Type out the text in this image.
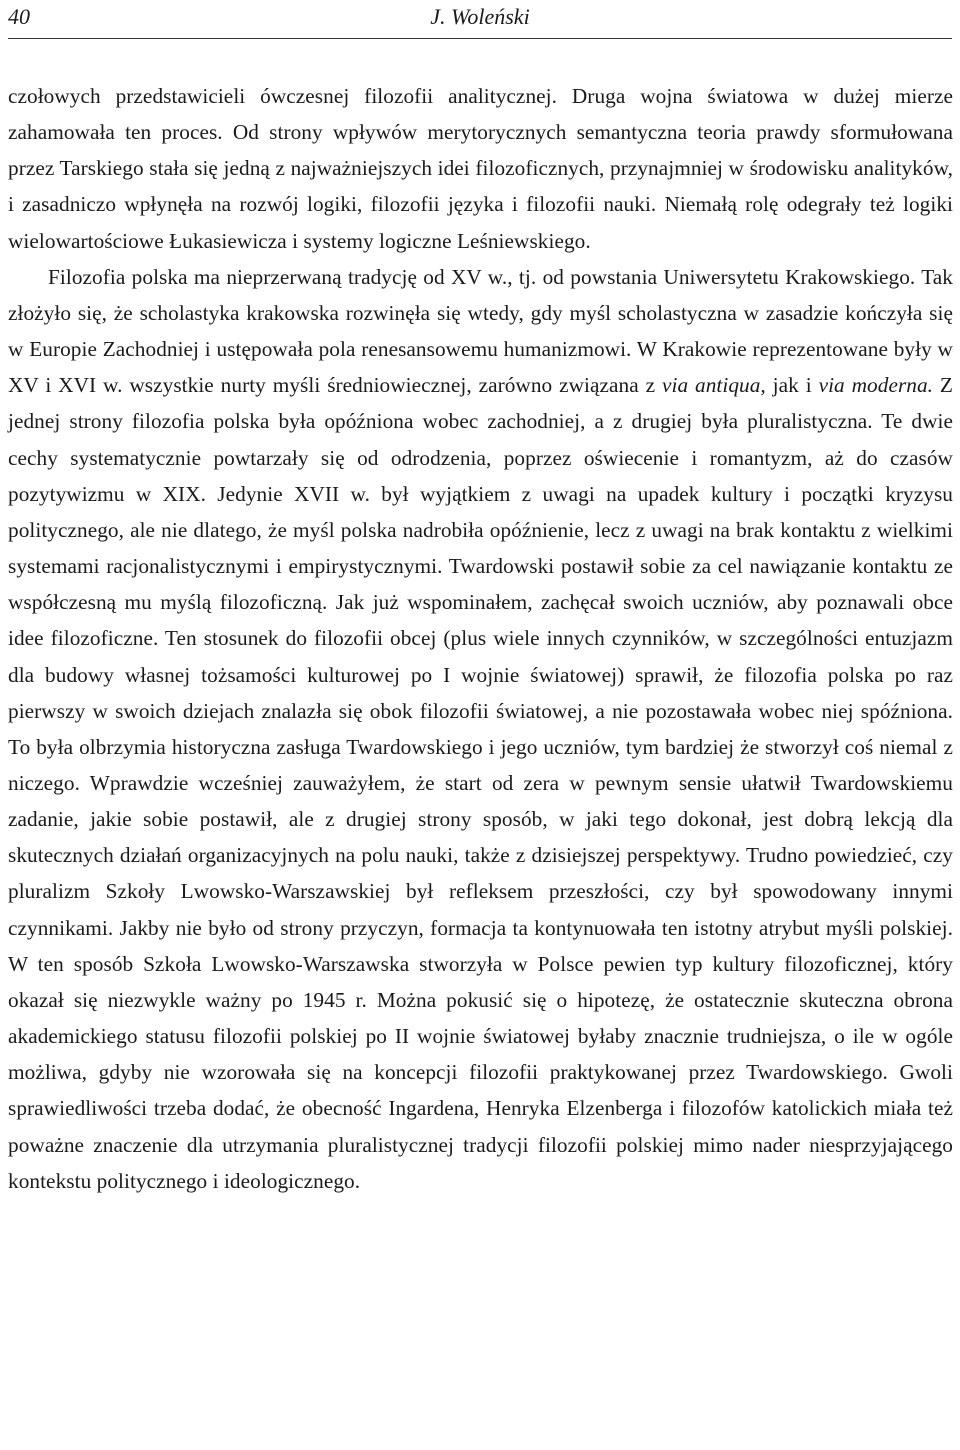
40	J. Woleński

czołowych przedstawicieli ówczesnej filozofii analitycznej. Druga wojna światowa w dużej mierze zahamowała ten proces. Od strony wpływów merytorycznych semantyczna teoria prawdy sformułowana przez Tarskiego stała się jedną z najważniejszych idei filozoficznych, przynajmniej w środowisku analityków, i zasadniczo wpłynęła na rozwój logiki, filozofii języka i filozofii nauki. Niemałą rolę odegrały też logiki wielowartościowe Łukasiewicza i systemy logiczne Leśniewskiego.

Filozofia polska ma nieprzerwaną tradycję od XV w., tj. od powstania Uniwersytetu Krakowskiego. Tak złożyło się, że scholastyka krakowska rozwinęła się wtedy, gdy myśl scholastyczna w zasadzie kończyła się w Europie Zachodniej i ustępowała pola renesansowemu humanizmowi. W Krakowie reprezentowane były w XV i XVI w. wszystkie nurty myśli średniowiecznej, zarówno związana z via antiqua, jak i via moderna. Z jednej strony filozofia polska była opóźniona wobec zachodniej, a z drugiej była pluralistyczna. Te dwie cechy systematycznie powtarzały się od odrodzenia, poprzez oświecenie i romantyzm, aż do czasów pozytywizmu w XIX. Jedynie XVII w. był wyjątkiem z uwagi na upadek kultury i początki kryzysu politycznego, ale nie dlatego, że myśl polska nadrobiła opóźnienie, lecz z uwagi na brak kontaktu z wielkimi systemami racjonalistycznymi i empirystycznymi. Twardowski postawił sobie za cel nawiązanie kontaktu ze współczesną mu myślą filozoficzną. Jak już wspominałem, zachęcał swoich uczniów, aby poznawali obce idee filozoficzne. Ten stosunek do filozofii obcej (plus wiele innych czynników, w szczególności entuzjazm dla budowy własnej tożsamości kulturowej po I wojnie światowej) sprawił, że filozofia polska po raz pierwszy w swoich dziejach znalazła się obok filozofii światowej, a nie pozostawała wobec niej spóźniona. To była olbrzymia historyczna zasługa Twardowskiego i jego uczniów, tym bardziej że stworzył coś niemal z niczego. Wprawdzie wcześniej zauważyłem, że start od zera w pewnym sensie ułatwił Twardowskiemu zadanie, jakie sobie postawił, ale z drugiej strony sposób, w jaki tego dokonał, jest dobrą lekcją dla skutecznych działań organizacyjnych na polu nauki, także z dzisiejszej perspektywy. Trudno powiedzieć, czy pluralizm Szkoły Lwowsko-Warszawskiej był refleksem przeszłości, czy był spowodowany innymi czynnikami. Jakby nie było od strony przyczyn, formacja ta kontynuowała ten istotny atrybut myśli polskiej. W ten sposób Szkoła Lwowsko-Warszawska stworzyła w Polsce pewien typ kultury filozoficznej, który okazał się niezwykle ważny po 1945 r. Można pokusić się o hipotezę, że ostatecznie skuteczna obrona akademickiego statusu filozofii polskiej po II wojnie światowej byłaby znacznie trudniejsza, o ile w ogóle możliwa, gdyby nie wzorowała się na koncepcji filozofii praktykowanej przez Twardowskiego. Gwoli sprawiedliwości trzeba dodać, że obecność Ingardena, Henryka Elzenberga i filozofów katolickich miała też poważne znaczenie dla utrzymania pluralistycznej tradycji filozofii polskiej mimo nader niesprzyjającego kontekstu politycznego i ideologicznego.
